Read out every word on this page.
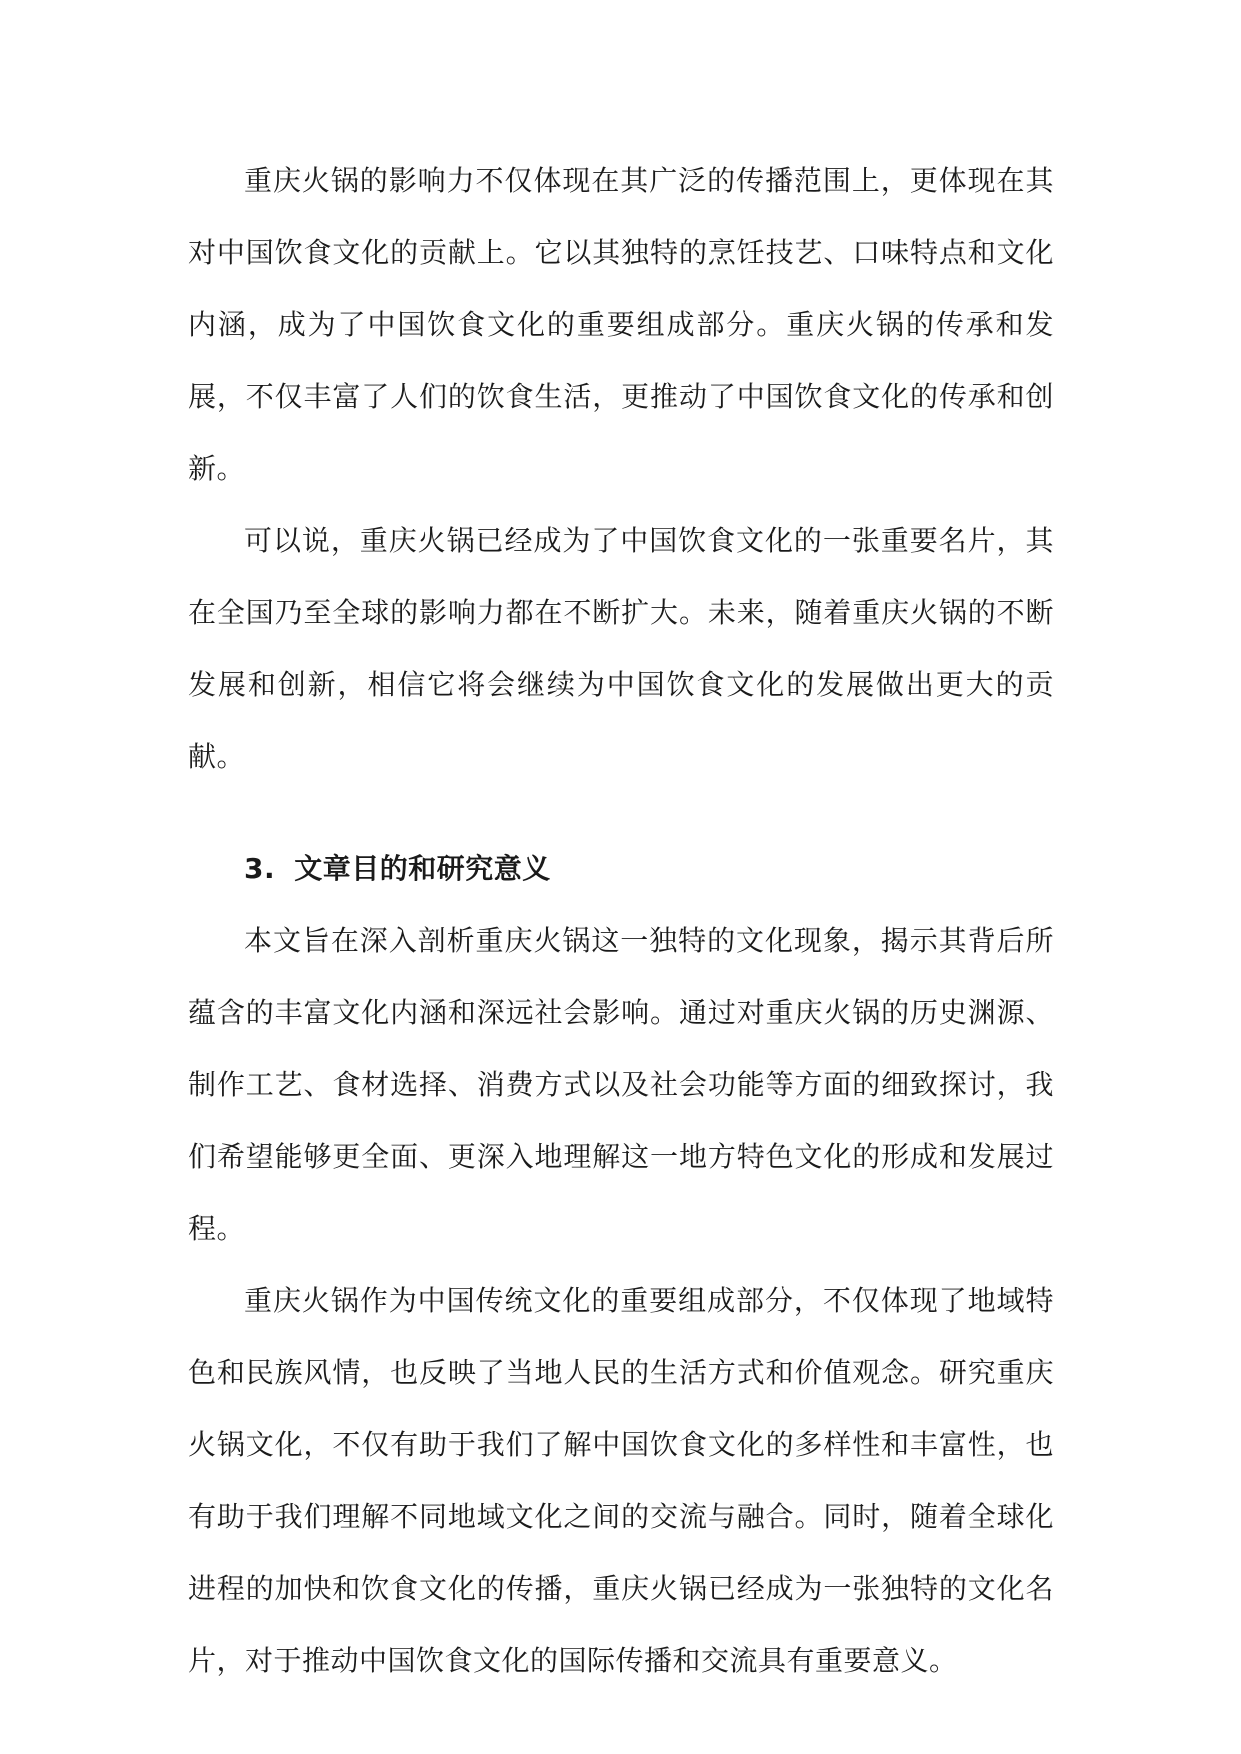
重庆火锅的影响力不仅体现在其广泛的传播范围上，更体现在其对中国饮食文化的贡献上。它以其独特的烹饪技艺、口味特点和文化内涵，成为了中国饮食文化的重要组成部分。重庆火锅的传承和发展，不仅丰富了人们的饮食生活，更推动了中国饮食文化的传承和创新。

可以说，重庆火锅已经成为了中国饮食文化的一张重要名片，其在全国乃至全球的影响力都在不断扩大。未来，随着重庆火锅的不断发展和创新，相信它将会继续为中国饮食文化的发展做出更大的贡献。

3. 文章目的和研究意义

本文旨在深入剖析重庆火锅这一独特的文化现象，揭示其背后所蕴含的丰富文化内涵和深远社会影响。通过对重庆火锅的历史渊源、制作工艺、食材选择、消费方式以及社会功能等方面的细致探讨，我们希望能够更全面、更深入地理解这一地方特色文化的形成和发展过程。

重庆火锅作为中国传统文化的重要组成部分，不仅体现了地域特色和民族风情，也反映了当地人民的生活方式和价值观念。研究重庆火锅文化，不仅有助于我们了解中国饮食文化的多样性和丰富性，也有助于我们理解不同地域文化之间的交流与融合。同时，随着全球化进程的加快和饮食文化的传播，重庆火锅已经成为一张独特的文化名片，对于推动中国饮食文化的国际传播和交流具有重要意义。
